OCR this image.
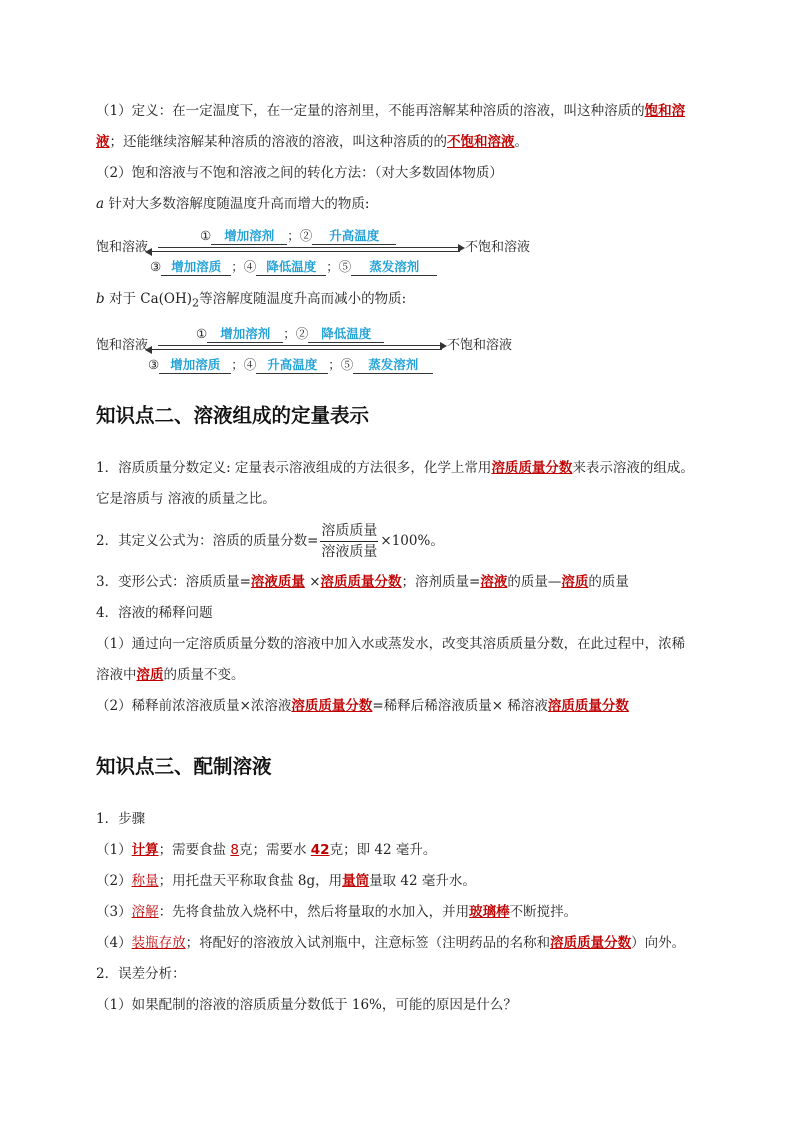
（1）定义：在一定温度下，在一定量的溶剂里，不能再溶解某种溶质的溶液，叫这种溶质的饱和溶
液；还能继续溶解某种溶质的溶液的溶液，叫这种溶质的的不饱和溶液。
（2）饱和溶液与不饱和溶液之间的转化方法：（对大多数固体物质）
a 针对大多数溶解度随温度升高而增大的物质:
饱和溶液	不饱和溶液
① 增加溶剂 ；② 升高温度
③ 增加溶质 ；④ 降低温度 ；⑤ 蒸发溶剂
b 对于 $Ca(OH)_2$等溶解度随温度升高而减小的物质:
饱和溶液	不饱和溶液
① 增加溶剂 ；② 降低温度
③ 增加溶质 ；④ 升高温度 ；⑤ 蒸发溶剂
知识点二、溶液组成的定量表示
1．溶质质量分数定义: 定量表示溶液组成的方法很多，化学上常用溶质质量分数来表示溶液的组成。
它是溶质与 溶液的质量之比。
2．其定义公式为：溶质的质量分数= $\frac{\text{溶质质量}}{\text{溶液质量}} \times 100\%$。
3．变形公式：溶质质量=溶液质量 ×溶质质量分数；溶剂质量=溶液的质量—溶质的质量
4．溶液的稀释问题
（1）通过向一定溶质质量分数的溶液中加入水或蒸发水，改变其溶质质量分数，在此过程中，浓稀
溶液中溶质的质量不变。
（2）稀释前浓溶液质量×浓溶液溶质质量分数=稀释后稀溶液质量× 稀溶液溶质质量分数
知识点三、配制溶液
1．步骤
（1）计算；需要食盐 8克；需要水 42克；即 42 毫升。
（2）称量；用托盘天平称取食盐 8g，用量筒量取 42 毫升水。
（3）溶解：先将食盐放入烧杯中，然后将量取的水加入，并用玻璃棒不断搅拌。
（4）装瓶存放；将配好的溶液放入试剂瓶中，注意标签（注明药品的名称和溶质质量分数）向外。
2．误差分析：
（1）如果配制的溶液的溶质质量分数低于 16%，可能的原因是什么？
